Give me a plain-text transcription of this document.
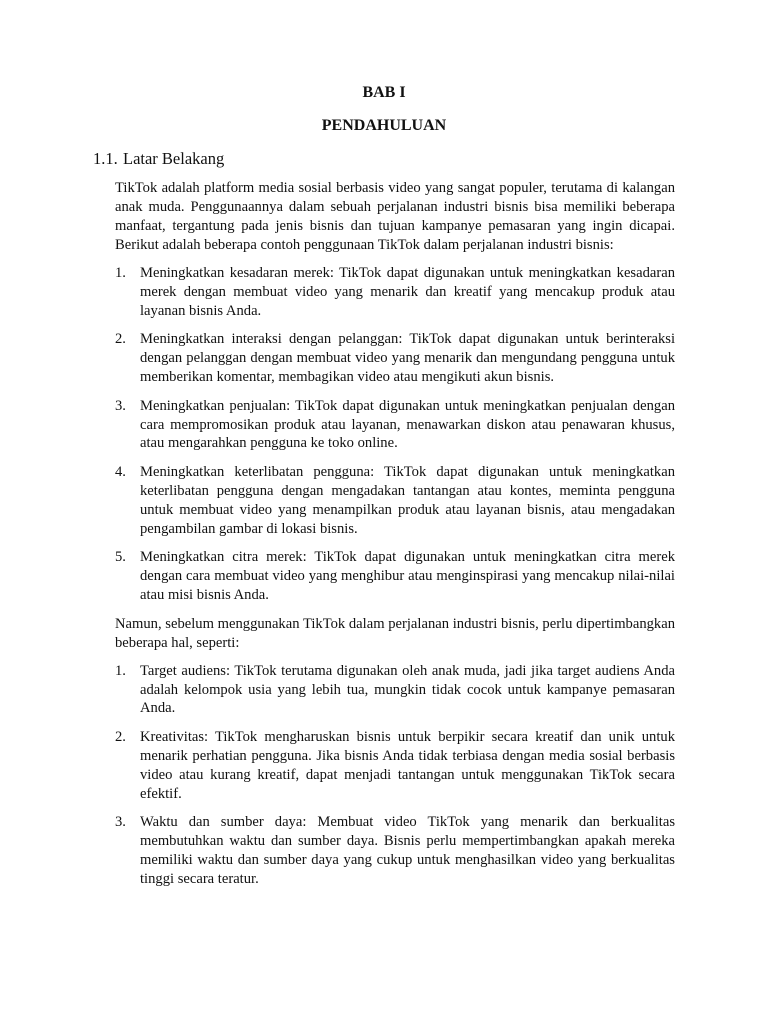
BAB I
PENDAHULUAN
1.1. Latar Belakang

TikTok adalah platform media sosial berbasis video yang sangat populer, terutama di kalangan anak muda. Penggunaannya dalam sebuah perjalanan industri bisnis bisa memiliki beberapa manfaat, tergantung pada jenis bisnis dan tujuan kampanye pemasaran yang ingin dicapai. Berikut adalah beberapa contoh penggunaan TikTok dalam perjalanan industri bisnis:

1. Meningkatkan kesadaran merek: TikTok dapat digunakan untuk meningkatkan kesadaran merek dengan membuat video yang menarik dan kreatif yang mencakup produk atau layanan bisnis Anda.
2. Meningkatkan interaksi dengan pelanggan: TikTok dapat digunakan untuk berinteraksi dengan pelanggan dengan membuat video yang menarik dan mengundang pengguna untuk memberikan komentar, membagikan video atau mengikuti akun bisnis.
3. Meningkatkan penjualan: TikTok dapat digunakan untuk meningkatkan penjualan dengan cara mempromosikan produk atau layanan, menawarkan diskon atau penawaran khusus, atau mengarahkan pengguna ke toko online.
4. Meningkatkan keterlibatan pengguna: TikTok dapat digunakan untuk meningkatkan keterlibatan pengguna dengan mengadakan tantangan atau kontes, meminta pengguna untuk membuat video yang menampilkan produk atau layanan bisnis, atau mengadakan pengambilan gambar di lokasi bisnis.
5. Meningkatkan citra merek: TikTok dapat digunakan untuk meningkatkan citra merek dengan cara membuat video yang menghibur atau menginspirasi yang mencakup nilai-nilai atau misi bisnis Anda.

Namun, sebelum menggunakan TikTok dalam perjalanan industri bisnis, perlu dipertimbangkan beberapa hal, seperti:

1. Target audiens: TikTok terutama digunakan oleh anak muda, jadi jika target audiens Anda adalah kelompok usia yang lebih tua, mungkin tidak cocok untuk kampanye pemasaran Anda.
2. Kreativitas: TikTok mengharuskan bisnis untuk berpikir secara kreatif dan unik untuk menarik perhatian pengguna. Jika bisnis Anda tidak terbiasa dengan media sosial berbasis video atau kurang kreatif, dapat menjadi tantangan untuk menggunakan TikTok secara efektif.
3. Waktu dan sumber daya: Membuat video TikTok yang menarik dan berkualitas membutuhkan waktu dan sumber daya. Bisnis perlu mempertimbangkan apakah mereka memiliki waktu dan sumber daya yang cukup untuk menghasilkan video yang berkualitas tinggi secara teratur.
